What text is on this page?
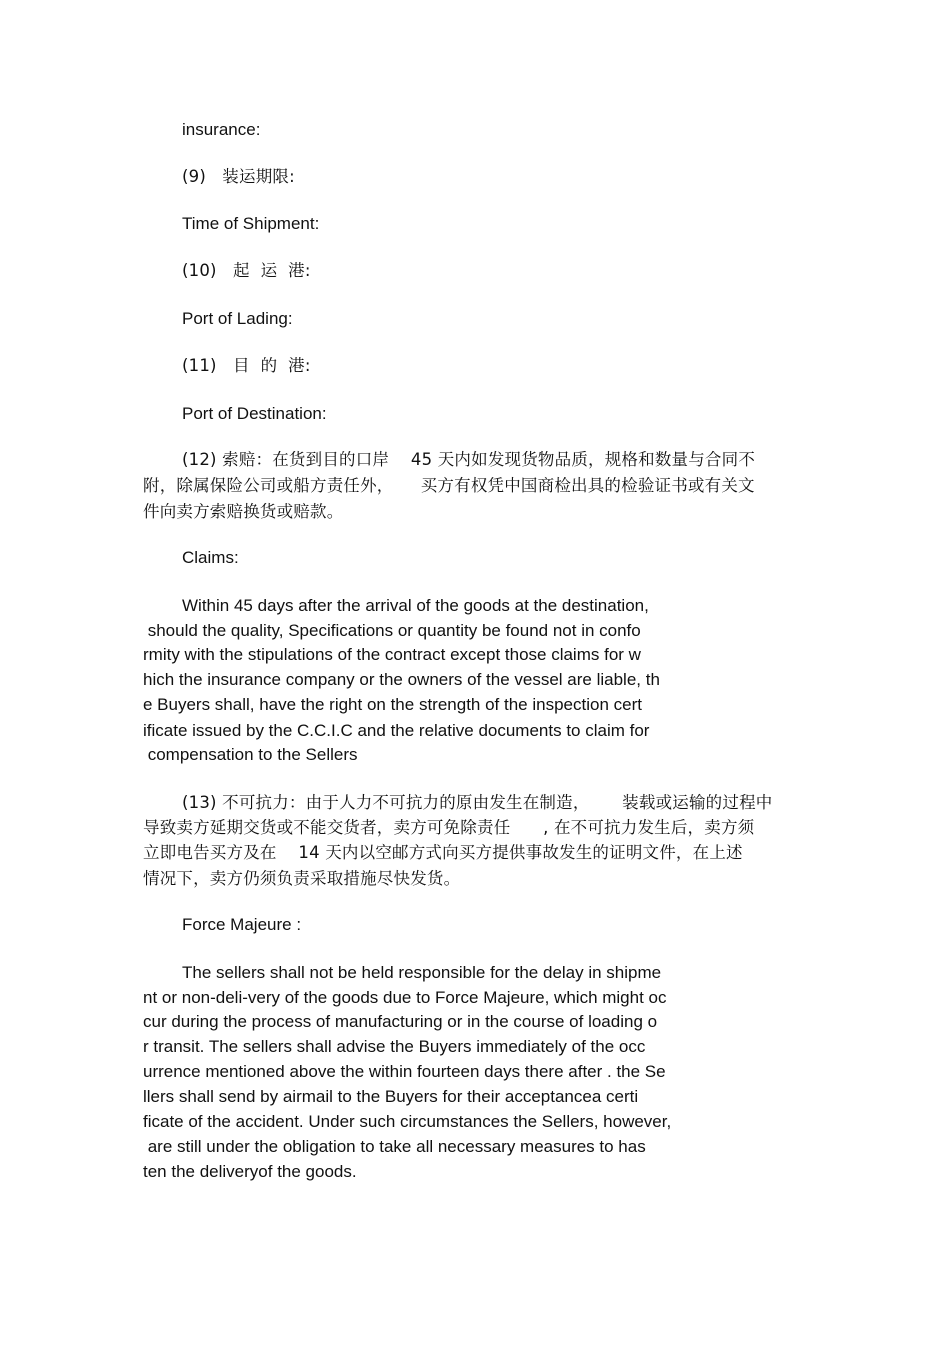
insurance:
(9)   装运期限:
Time of Shipment:
(10)   起  运  港:
Port of Lading:
(11)   目  的  港:
Port of Destination:
(12) 索赔：在货到目的口岸    45 天内如发现货物品质，规格和数量与合同不
附，除属保险公司或船方责任外，     买方有权凭中国商检出具的检验证书或有关文
件向卖方索赔换货或赔款。
Claims:
Within 45 days after the arrival of the goods at the destination,
should the quality, Specifications or quantity be found not in confo
rmity with the stipulations of the contract except those claims for w
hich the insurance company or the owners of the vessel are liable, th
e Buyers shall, have the right on the strength of the inspection cert
ificate issued by the C.C.I.C and the relative documents to claim for
compensation to the Sellers
(13) 不可抗力：由于人力不可抗力的原由发生在制造，      装载或运输的过程中
导致卖方延期交货或不能交货者，卖方可免除责任      , 在不可抗力发生后，卖方须
立即电告买方及在    14 天内以空邮方式向买方提供事故发生的证明文件，在上述
情况下，卖方仍须负责采取措施尽快发货。
Force Majeure :
The sellers shall not be held responsible for the delay in shipme
nt or non-deli-very of the goods due to Force Majeure, which might oc
cur during the process of manufacturing or in the course of loading o
r transit. The sellers shall advise the Buyers immediately of the occ
urrence mentioned above the within fourteen days there after . the Se
llers shall send by airmail to the Buyers for their acceptancea certi
ficate of the accident. Under such circumstances the Sellers, however,
are still under the obligation to take all necessary measures to has
ten the deliveryof the goods.
